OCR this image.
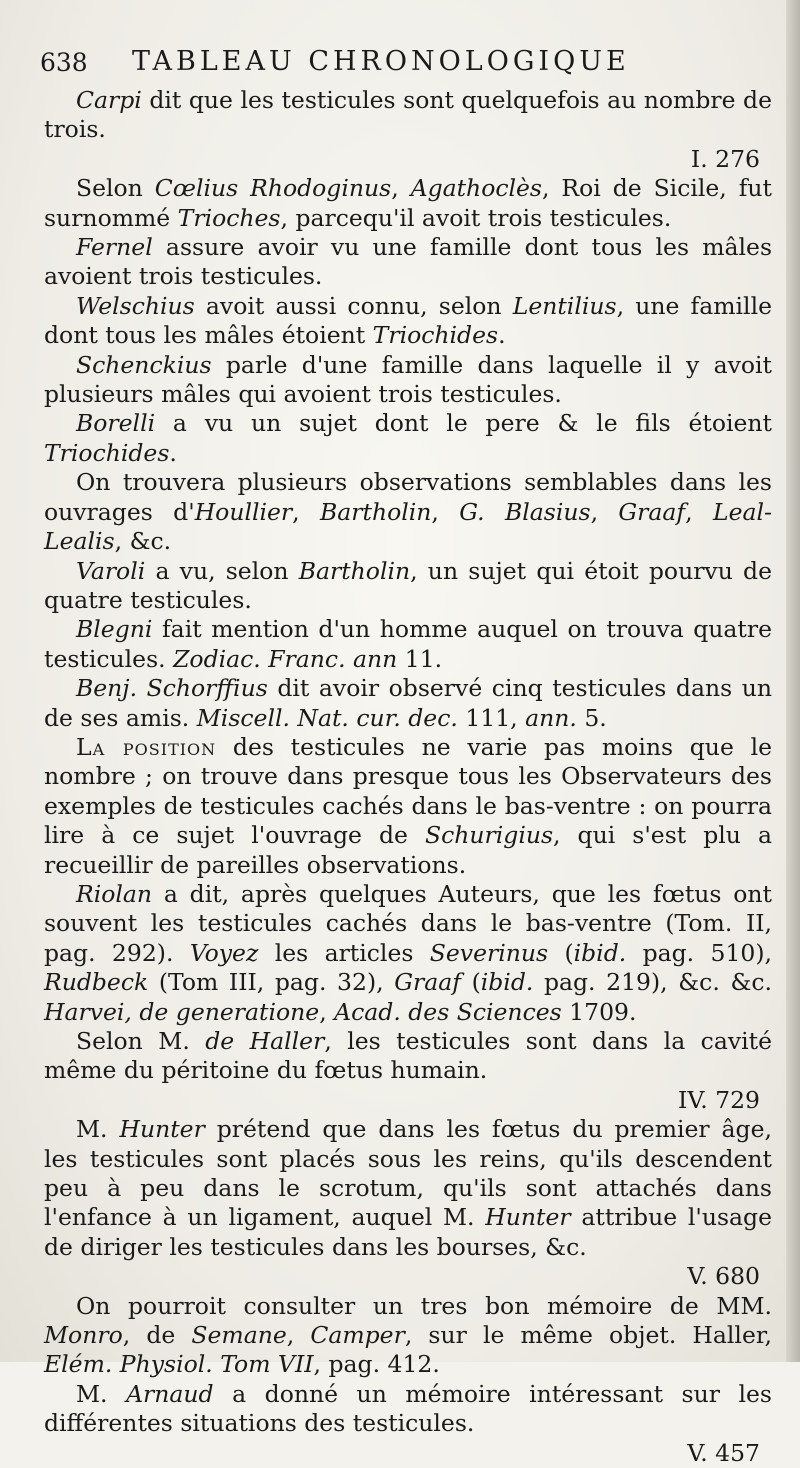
638 TABLEAU CHRONOLOGIQUE

Carpi dit que les testicules sont quelquefois au nombre de trois.
I. 276

Selon Cœlius Rhodoginus, Agathoclès, Roi de Sicile, fut surnommé Trioches, parcequ'il avoit trois testicules.

Fernel assure avoir vu une famille dont tous les mâles avoient trois testicules.

Welschius avoit aussi connu, selon Lentilius, une famille dont tous les mâles étoient Triochides.

Schenckius parle d'une famille dans laquelle il y avoit plusieurs mâles qui avoient trois testicules.

Borelli a vu un sujet dont le pere & le fils étoient Triochides.

On trouvera plusieurs observations semblables dans les ouvrages d'Houllier, Bartholin, G. Blasius, Graaf, Leal-Lealis, &c.

Varoli a vu, selon Bartholin, un sujet qui étoit pourvu de quatre testicules.

Blegni fait mention d'un homme auquel on trouva quatre testicules. Zodiac. Franc. ann 11.

Benj. Schorffius dit avoir observé cinq testicules dans un de ses amis. Miscell. Nat. cur. dec. 111, ann. 5.

La position des testicules ne varie pas moins que le nombre ; on trouve dans presque tous les Observateurs des exemples de testicules cachés dans le bas-ventre : on pourra lire à ce sujet l'ouvrage de Schurigius, qui s'est plu a recueillir de pareilles observations.

Riolan a dit, après quelques Auteurs, que les fœtus ont souvent les testicules cachés dans le bas-ventre (Tom. II, pag. 292). Voyez les articles Severinus (ibid. pag. 510), Rudbeck (Tom III, pag. 32), Graaf (ibid. pag. 219), &c. &c. Harvei, de generatione, Acad. des Sciences 1709.

Selon M. de Haller, les testicules sont dans la cavité même du péritoine du fœtus humain.
IV. 729

M. Hunter prétend que dans les fœtus du premier âge, les testicules sont placés sous les reins, qu'ils descendent peu à peu dans le scrotum, qu'ils sont attachés dans l'enfance à un ligament, auquel M. Hunter attribue l'usage de diriger les testicules dans les bourses, &c.
V. 680

On pourroit consulter un tres bon mémoire de MM. Monro, de Semane, Camper, sur le même objet. Haller, Elém. Physiol. Tom VII, pag. 412.

M. Arnaud a donné un mémoire intéressant sur les différentes situations des testicules.
V. 457
